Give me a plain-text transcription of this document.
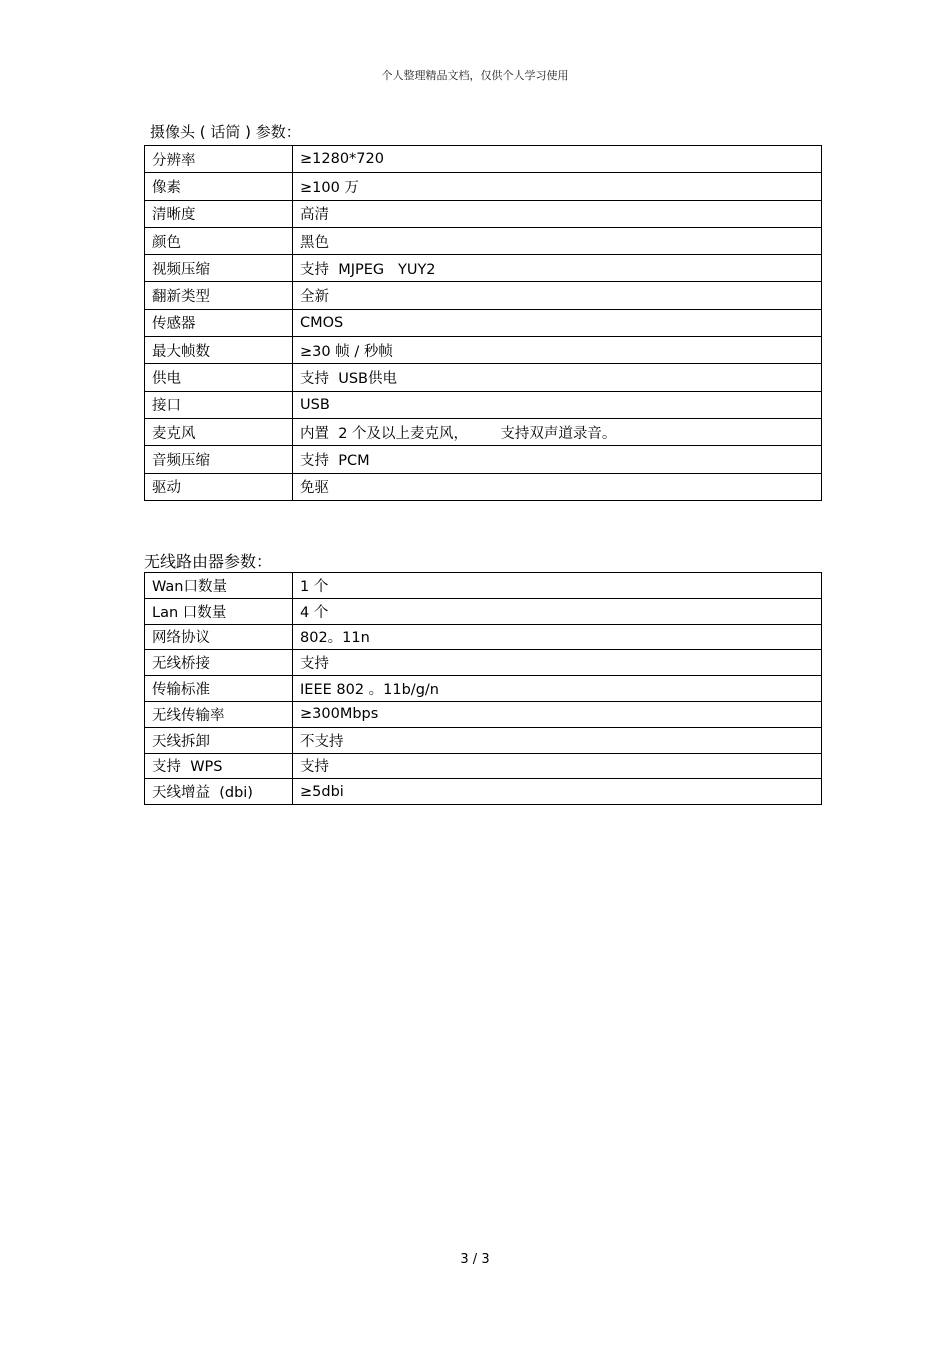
个人整理精品文档，仅供个人学习使用
摄像头 ( 话筒 ) 参数：
分辨率	≥1280*720
像素	≥100 万
清晰度	高清
颜色	黑色
视频压缩	支持  MJPEG   YUY2
翻新类型	全新
传感器	CMOS
最大帧数	≥30 帧 / 秒帧
供电	支持  USB供电
接口	USB
麦克风	内置  2 个及以上麦克风，       支持双声道录音。
音频压缩	支持  PCM
驱动	免驱
无线路由器参数：
Wan口数量	1 个
Lan 口数量	4 个
网络协议	802。11n
无线桥接	支持
传输标准	IEEE 802 。11b/g/n
无线传输率	≥300Mbps
天线拆卸	不支持
支持  WPS	支持
天线增益  (dbi)	≥5dbi
3 / 3
